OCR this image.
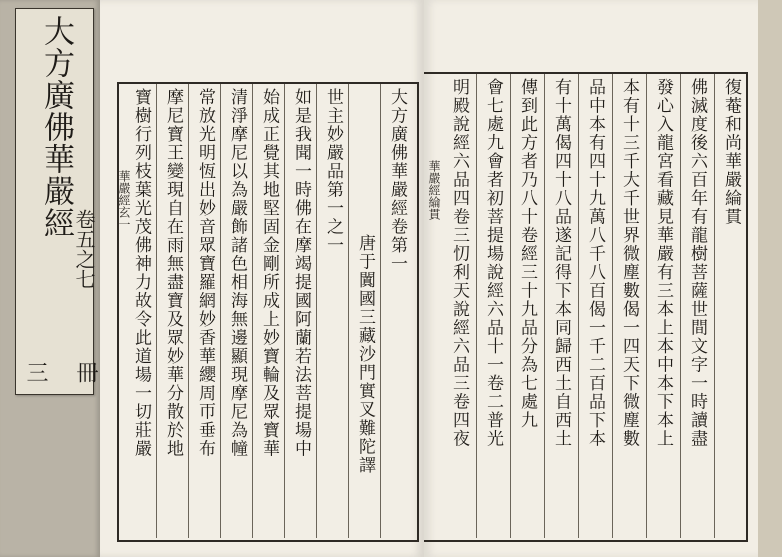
大方廣佛華嚴經
卷五之七
三 冊
華嚴經玄一	大方廣佛華嚴經卷第一
唐于闐國三藏沙門實叉難陀譯
世主妙嚴品第一之一
如是我聞一時佛在摩竭提國阿蘭若法菩提場中
始成正覺其地堅固金剛所成上妙寶輪及眾寶華
清淨摩尼以為嚴飾諸色相海無邊顯現摩尼為幢
常放光明恆出妙音眾寶羅網妙香華纓周帀垂布
摩尼寶王變現自在雨無盡寶及眾妙華分散於地
寶樹行列枝葉光茂佛神力故令此道場一切莊嚴	華嚴經綸貫	復菴和尚華嚴綸貫
佛滅度後六百年有龍樹菩薩世間文字一時讀盡
發心入龍宮看藏見華嚴有三本上本中本下本上
本有十三千大千世界微塵數偈一四天下微塵數
品中本有四十九萬八千八百偈一千二百品下本
有十萬偈四十八品遂記得下本同歸西土自西土
傳到此方者乃八十卷經三十九品分為七處九
會七處九會者初菩提場說經六品十一卷二普光
明殿說經六品四卷三忉利天說經六品三卷四夜
